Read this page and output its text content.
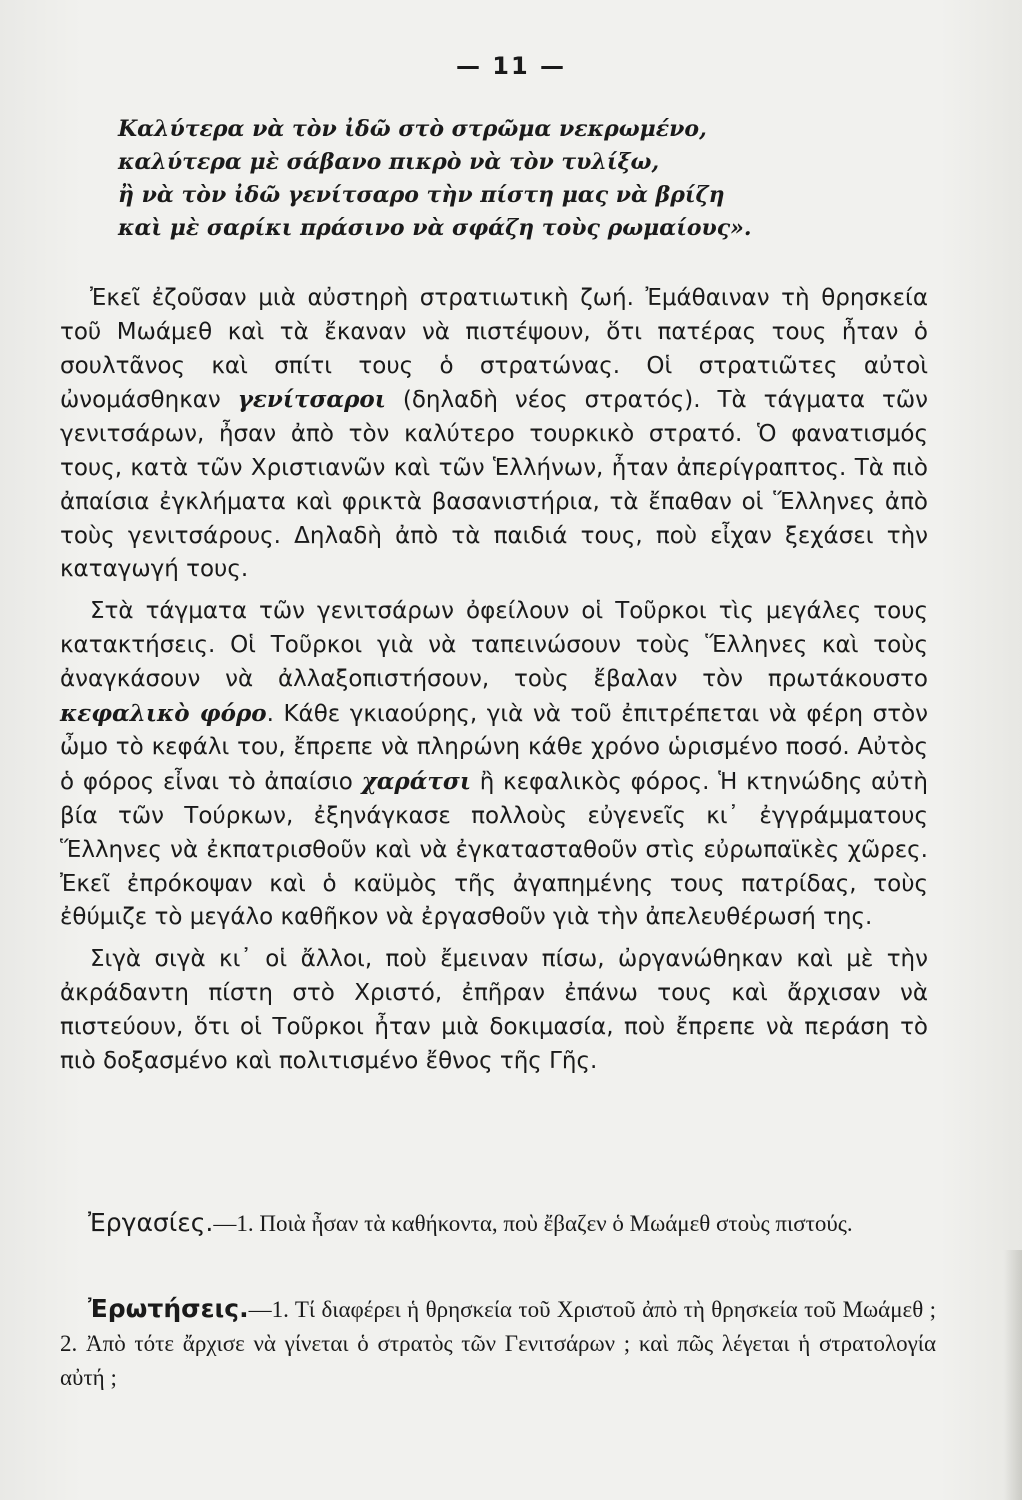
— 11 —
Καλύτερα νὰ τὸν ἰδῶ στὸ στρῶμα νεκρωμένο,
καλύτερα μὲ σάβανο πικρὸ νὰ τὸν τυλίξω,
ἢ νὰ τὸν ἰδῶ γενίτσαρο τὴν πίστη μας νὰ βρίζη
καὶ μὲ σαρίκι πράσινο νὰ σφάζη τοὺς ρωμαίους».

Ἐκεῖ ἐζοῦσαν μιὰ αὐστηρὴ στρατιωτικὴ ζωή. Ἐμάθαιναν τὴ θρησκεία τοῦ Μωάμεθ καὶ τὰ ἔκαναν νὰ πιστέψουν, ὅτι πατέρας τους ἦταν ὁ σουλτᾶνος καὶ σπίτι τους ὁ στρατώνας. Οἱ στρατιῶτες αὐτοὶ ὠνομάσθηκαν γενίτσαροι (δηλαδὴ νέος στρατός). Τὰ τάγματα τῶν γενιτσάρων, ἦσαν ἀπὸ τὸν καλύτερο τουρκικὸ στρατό. Ὁ φανατισμός τους, κατὰ τῶν Χριστιανῶν καὶ τῶν Ἑλλήνων, ἦταν ἀπερίγραπτος. Τὰ πιὸ ἀπαίσια ἐγκλήματα καὶ φρικτὰ βασανιστήρια, τὰ ἔπαθαν οἱ Ἕλληνες ἀπὸ τοὺς γενιτσάρους. Δηλαδὴ ἀπὸ τὰ παιδιά τους, ποὺ εἶχαν ξεχάσει τὴν καταγωγή τους.

Στὰ τάγματα τῶν γενιτσάρων ὀφείλουν οἱ Τοῦρκοι τὶς μεγάλες τους κατακτήσεις. Οἱ Τοῦρκοι γιὰ νὰ ταπεινώσουν τοὺς Ἕλληνες καὶ τοὺς ἀναγκάσουν νὰ ἀλλαξοπιστήσουν, τοὺς ἔβαλαν τὸν πρωτάκουστο κεφαλικὸ φόρο. Κάθε γκιαούρης, γιὰ νὰ τοῦ ἐπιτρέπεται νὰ φέρη στὸν ὦμο τὸ κεφάλι του, ἔπρεπε νὰ πληρώνη κάθε χρόνο ὡρισμένο ποσό. Αὐτὸς ὁ φόρος εἶναι τὸ ἀπαίσιο χαράτσι ἢ κεφαλικὸς φόρος. Ἡ κτηνώδης αὐτὴ βία τῶν Τούρκων, ἐξηνάγκασε πολλοὺς εὐγενεῖς κι᾽ ἐγγράμματους Ἕλληνες νὰ ἐκπατρισθοῦν καὶ νὰ ἐγκατασταθοῦν στὶς εὐρωπαϊκὲς χῶρες. Ἐκεῖ ἐπρόκοψαν καὶ ὁ καϋμὸς τῆς ἀγαπημένης τους πατρίδας, τοὺς ἐθύμιζε τὸ μεγάλο καθῆκον νὰ ἐργασθοῦν γιὰ τὴν ἀπελευθέρωσή της.

Σιγὰ σιγὰ κι᾽ οἱ ἄλλοι, ποὺ ἔμειναν πίσω, ὠργανώθηκαν καὶ μὲ τὴν ἀκράδαντη πίστη στὸ Χριστό, ἐπῆραν ἐπάνω τους καὶ ἄρχισαν νὰ πιστεύουν, ὅτι οἱ Τοῦρκοι ἦταν μιὰ δοκιμασία, ποὺ ἔπρεπε νὰ περάση τὸ πιὸ δοξασμένο καὶ πολιτισμένο ἔθνος τῆς Γῆς.

Ἐργασίες.—1. Ποιὰ ἦσαν τὰ καθήκοντα, ποὺ ἔβαζεν ὁ Μωάμεθ στοὺς πιστούς.
Ἐρωτήσεις.—1. Τί διαφέρει ἡ θρησκεία τοῦ Χριστοῦ ἀπὸ τὴ θρησκεία τοῦ Μωάμεθ ; 2. Ἀπὸ τότε ἄρχισε νὰ γίνεται ὁ στρατὸς τῶν Γενιτσάρων ; καὶ πῶς λέγεται ἡ στρατολογία αὐτή ;
